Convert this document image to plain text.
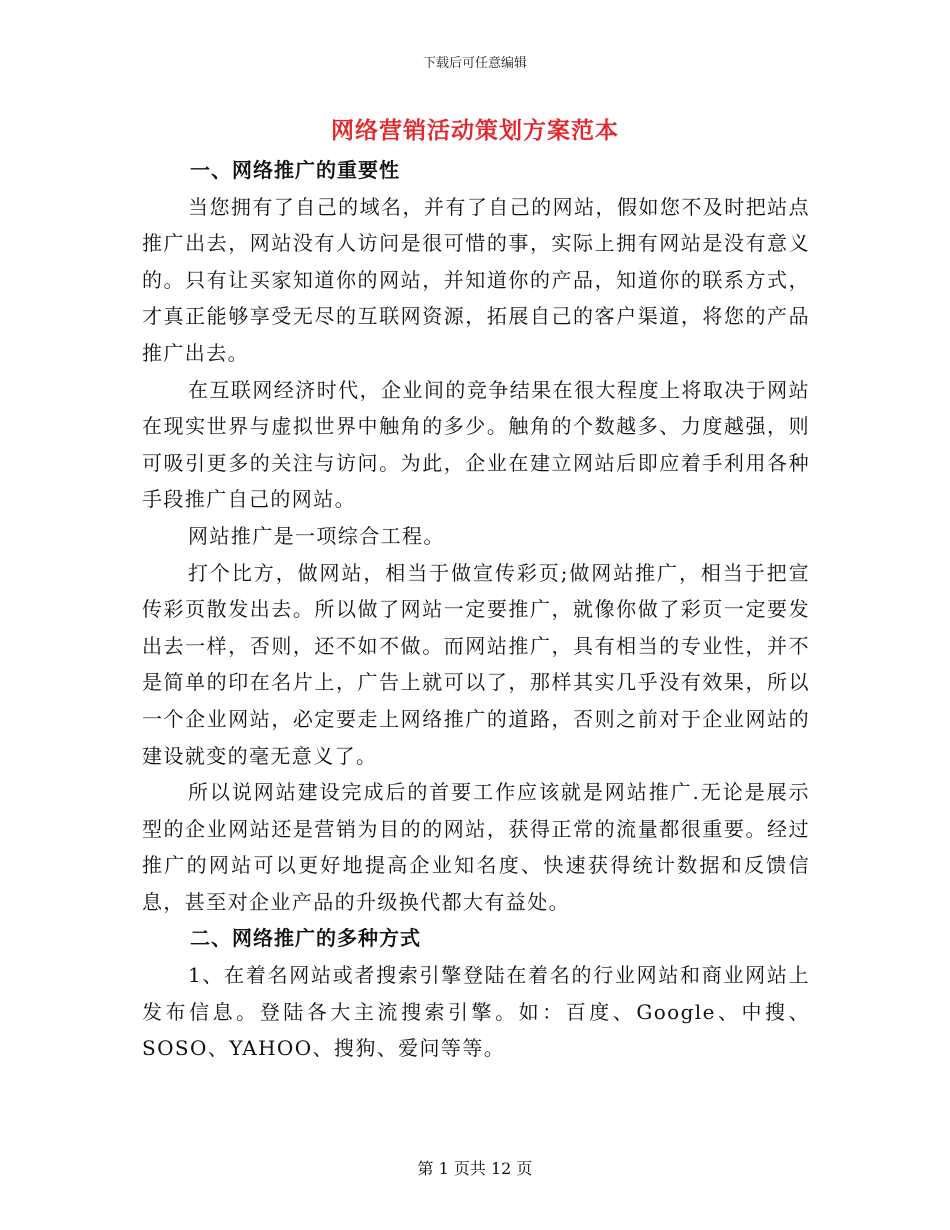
下载后可任意编辑
网络营销活动策划方案范本
一、网络推广的重要性

当您拥有了自己的域名，并有了自己的网站，假如您不及时把站点推广出去，网站没有人访问是很可惜的事，实际上拥有网站是没有意义的。只有让买家知道你的网站，并知道你的产品，知道你的联系方式，才真正能够享受无尽的互联网资源，拓展自己的客户渠道，将您的产品推广出去。

在互联网经济时代，企业间的竞争结果在很大程度上将取决于网站在现实世界与虚拟世界中触角的多少。触角的个数越多、力度越强，则可吸引更多的关注与访问。为此，企业在建立网站后即应着手利用各种手段推广自己的网站。

网站推广是一项综合工程。

打个比方，做网站，相当于做宣传彩页;做网站推广，相当于把宣传彩页散发出去。所以做了网站一定要推广，就像你做了彩页一定要发出去一样，否则，还不如不做。而网站推广，具有相当的专业性，并不是简单的印在名片上，广告上就可以了，那样其实几乎没有效果，所以一个企业网站，必定要走上网络推广的道路，否则之前对于企业网站的建设就变的毫无意义了。

所以说网站建设完成后的首要工作应该就是网站推广.无论是展示型的企业网站还是营销为目的的网站，获得正常的流量都很重要。经过推广的网站可以更好地提高企业知名度、快速获得统计数据和反馈信息，甚至对企业产品的升级换代都大有益处。

二、网络推广的多种方式

1、在着名网站或者搜索引擎登陆在着名的行业网站和商业网站上发布信息。登陆各大主流搜索引擎。如：百度、Google、中搜、SOSO、YAHOO、搜狗、爱问等等。

第 1 页共 12 页
